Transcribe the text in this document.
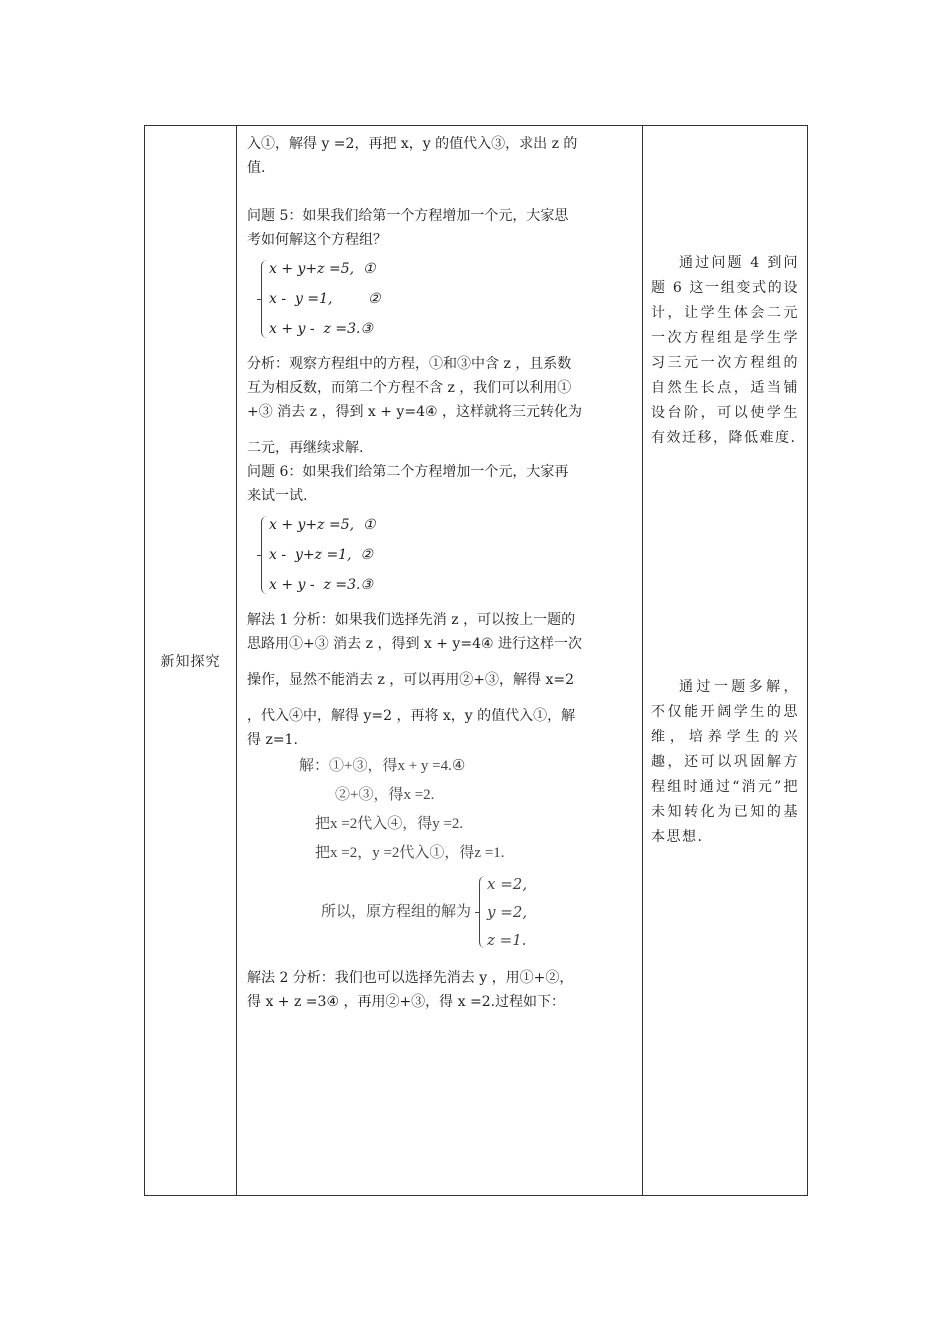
新知探究	

入①，解得 y =2，再把 x，y 的值代入③，求出 z 的

值.

问题 5：如果我们给第一个方程增加一个元，大家思

考如何解这个方程组？

x + y+z =5,  ①
x -  y =1,        ②
x + y -  z =3.③

分析：观察方程组中的方程，①和③中含 z ，且系数

互为相反数，而第二个方程不含 z ，我们可以利用①

+③ 消去 z ，得到 x + y=4④ ，这样就将三元转化为

二元，再继续求解.

问题 6：如果我们给第二个方程增加一个元，大家再

来试一试.

x + y+z =5,  ①
x -  y+z =1,  ②
x + y -  z =3.③

解法 1 分析：如果我们选择先消 z ，可以按上一题的

思路用①+③ 消去 z ，得到 x + y=4④ 进行这样一次

操作，显然不能消去 z ，可以再用②+③，解得 x=2

，代入④中，解得 y=2 ，再将 x，y 的值代入①，解

得 z=1.

解：①+③，得x + y =4.④
②+③，得x =2.
把x =2代入④，得y =2.
把x =2，y =2代入①，得z =1.
所以，原方程组的解为
x =2,
y =2,
z =1.

解法 2 分析：我们也可以选择先消去 y ，用①+②，

得 x + z =3④ ，再用②+③，得 x =2.过程如下：

通过问题 4 到问题 6 这一组变式的设计，让学生体会二元一次方程组是学生学习三元一次方程组的自然生长点，适当铺设台阶，可以使学生有效迁移，降低难度.

通过一题多解，不仅能开阔学生的思维，培养学生的兴趣，还可以巩固解方程组时通过“消元”把未知转化为已知的基本思想.
